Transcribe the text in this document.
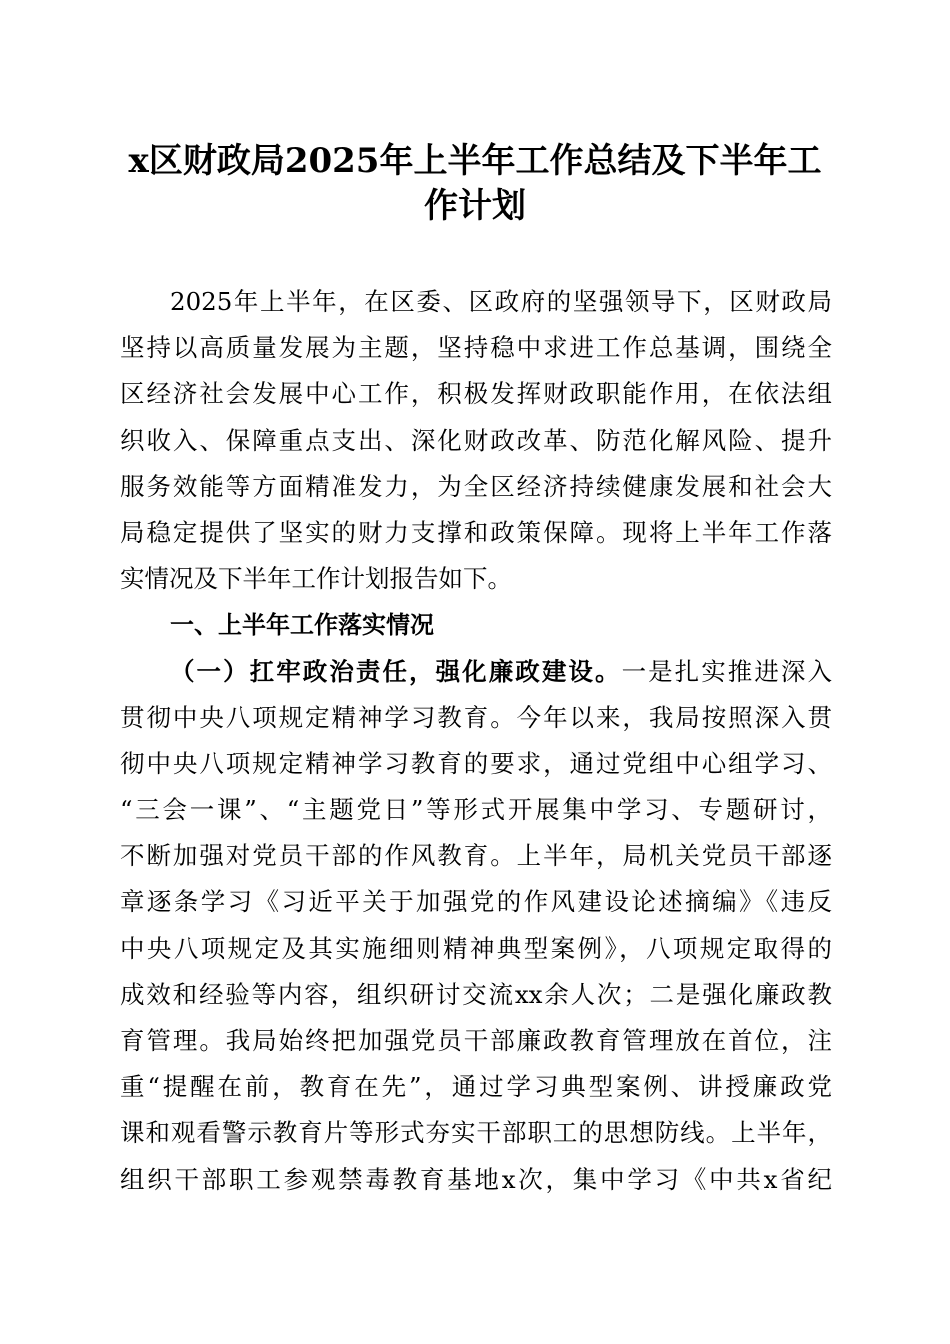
x区财政局2025年上半年工作总结及下半年工
作计划
2025年上半年，在区委、区政府的坚强领导下，区财政局
坚持以高质量发展为主题，坚持稳中求进工作总基调，围绕全
区经济社会发展中心工作，积极发挥财政职能作用，在依法组
织收入、保障重点支出、深化财政改革、防范化解风险、提升
服务效能等方面精准发力，为全区经济持续健康发展和社会大
局稳定提供了坚实的财力支撑和政策保障。现将上半年工作落
实情况及下半年工作计划报告如下。
一、上半年工作落实情况
（一）扛牢政治责任，强化廉政建设。一是扎实推进深入
贯彻中央八项规定精神学习教育。今年以来，我局按照深入贯
彻中央八项规定精神学习教育的要求，通过党组中心组学习、
“三会一课”、“主题党日”等形式开展集中学习、专题研讨，
不断加强对党员干部的作风教育。上半年，局机关党员干部逐
章逐条学习《习近平关于加强党的作风建设论述摘编》《违反
中央八项规定及其实施细则精神典型案例》，八项规定取得的
成效和经验等内容，组织研讨交流xx余人次；二是强化廉政教
育管理。我局始终把加强党员干部廉政教育管理放在首位，注
重“提醒在前，教育在先”，通过学习典型案例、讲授廉政党
课和观看警示教育片等形式夯实干部职工的思想防线。上半年，
组织干部职工参观禁毒教育基地x次，集中学习《中共x省纪
